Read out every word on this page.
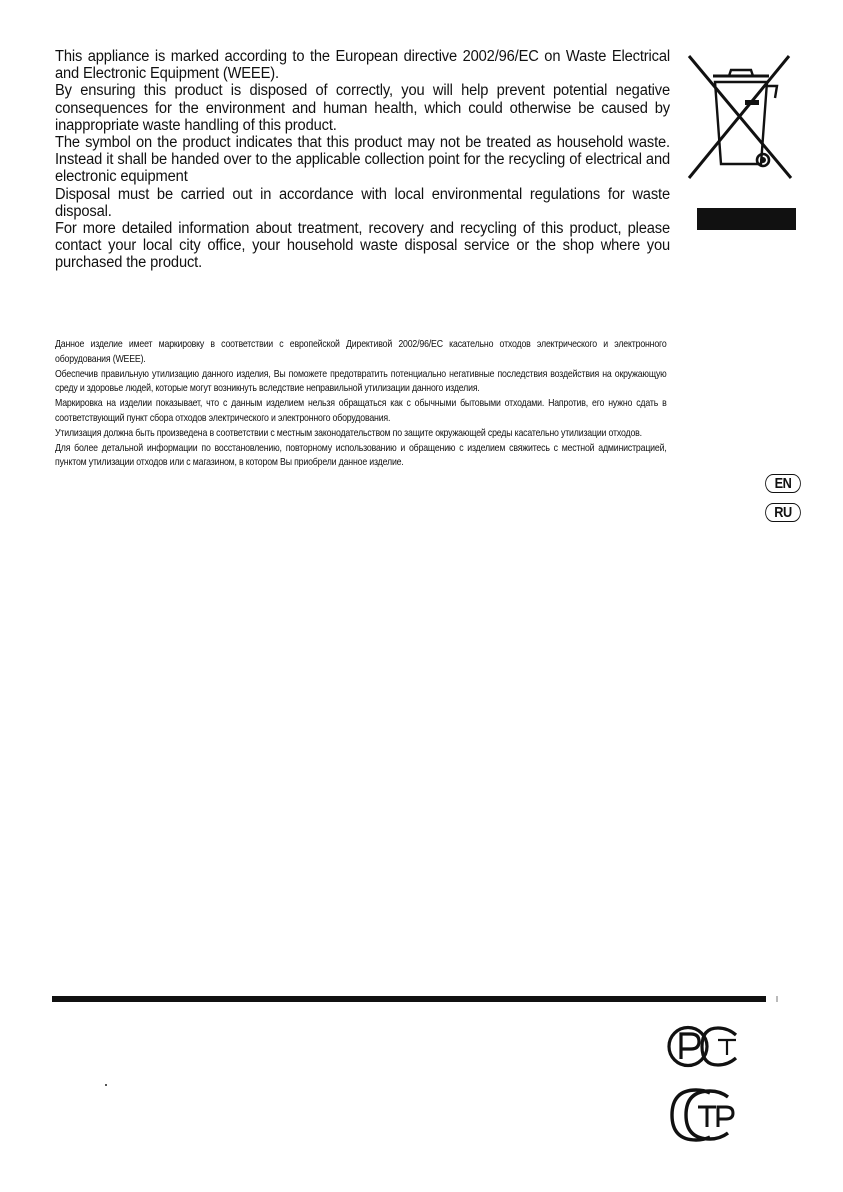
This appliance is marked according to the European directive 2002/96/EC on Waste Electrical and Electronic Equipment (WEEE).

By ensuring this product is disposed of correctly, you will help prevent potential negative consequences for the environment and human health, which could otherwise be caused by inappropriate waste handling of this product.

The symbol on the product indicates that this product may not be treated as household waste. Instead it shall be handed over to the applicable collection point for the recycling of electrical and electronic equipment

Disposal must be carried out in accordance with local environmental regulations for waste disposal.

For more detailed information about treatment, recovery and recycling of this product, please contact your local city office, your household waste disposal service or the shop where you purchased the product.

Данное изделие имеет маркировку в соответствии с европейской Директивой 2002/96/EC касательно отходов электрического и электронного оборудования (WEEE).

Обеспечив правильную утилизацию данного изделия, Вы поможете предотвратить потенциально негативные последствия воздействия на окружающую среду и здоровье людей, которые могут возникнуть вследствие неправильной утилизации данного изделия.

Маркировка на изделии показывает, что с данным изделием нельзя обращаться как с обычными бытовыми отходами. Напротив, его нужно сдать в соответствующий пункт сбора отходов электрического и электронного оборудования.

Утилизация должна быть произведена в соответствии с местным законодательством по защите окружающей среды касательно утилизации отходов.

Для более детальной информации по восстановлению, повторному использованию и обращению с изделием свяжитесь с местной администрацией, пунктом утилизации отходов или с магазином, в котором Вы приобрели данное изделие.

EN
RU
